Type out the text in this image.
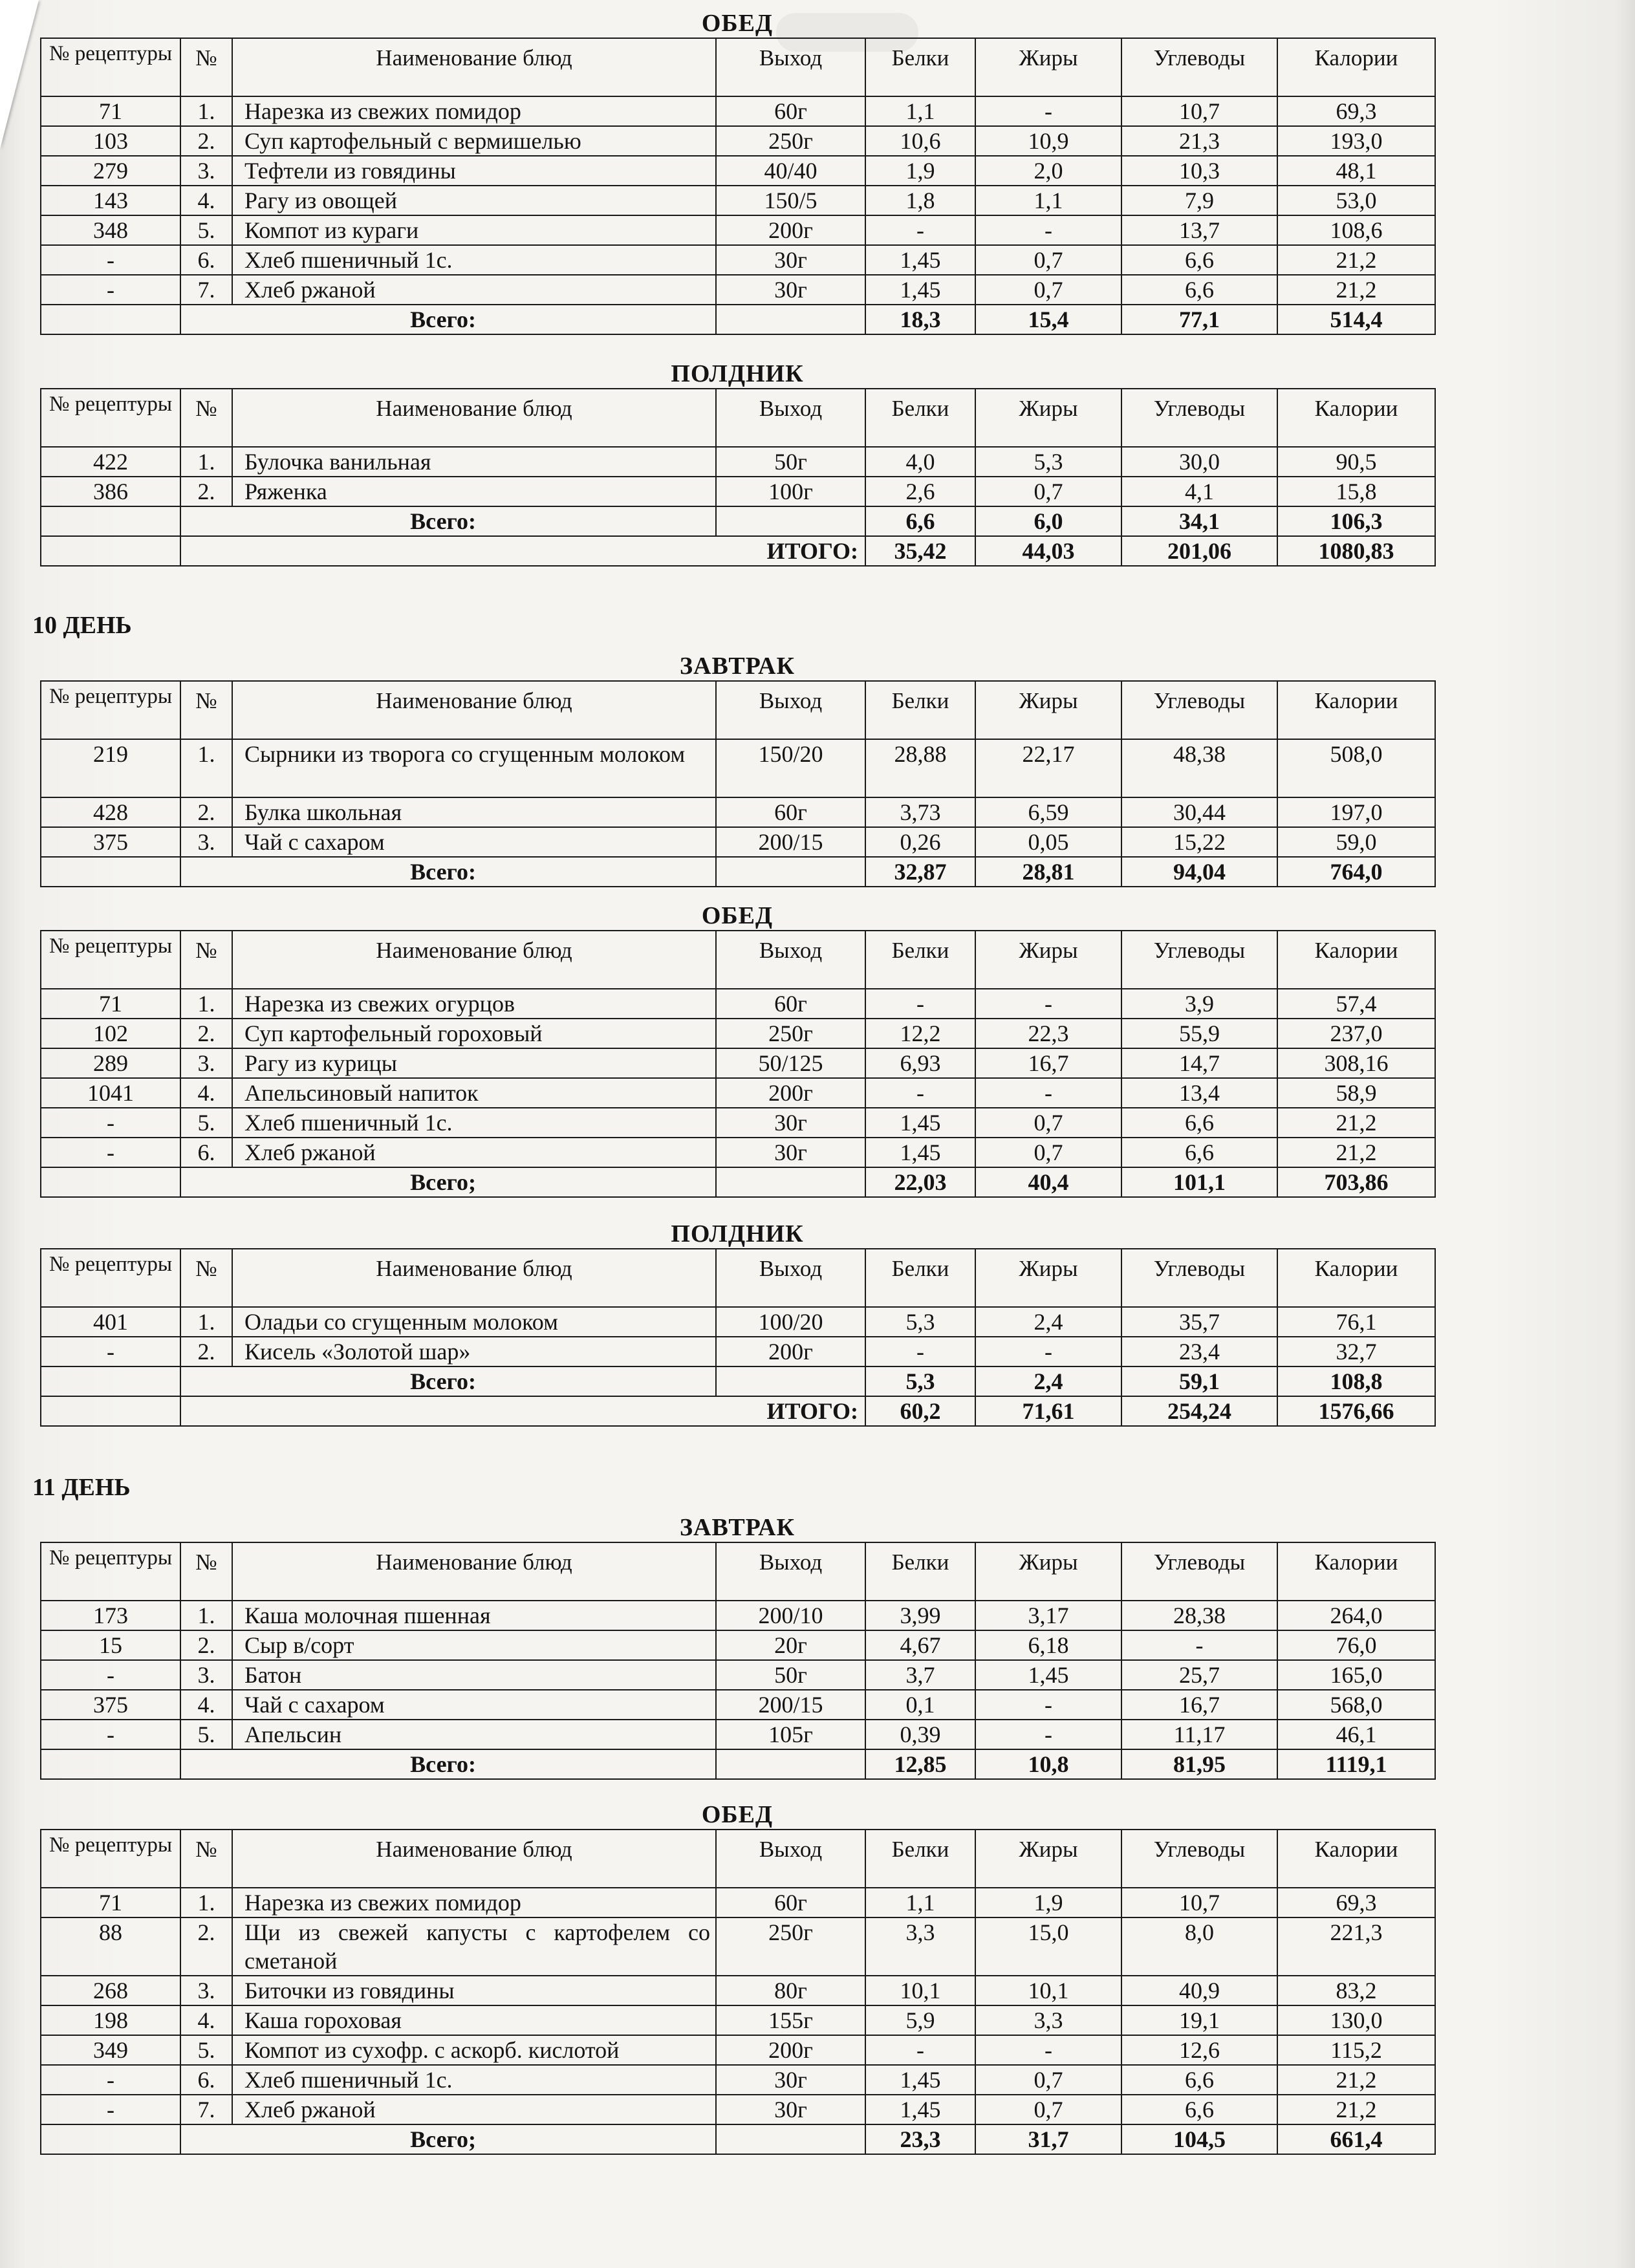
ОБЕД
№ рецептуры	№	Наименование блюд	Выход	Белки	Жиры	Углеводы	Калории
71	1.	Нарезка из свежих помидор	60г	1,1	-	10,7	69,3
103	2.	Суп картофельный с вермишелью	250г	10,6	10,9	21,3	193,0
279	3.	Тефтели из говядины	40/40	1,9	2,0	10,3	48,1
143	4.	Рагу из овощей	150/5	1,8	1,1	7,9	53,0
348	5.	Компот из кураги	200г	-	-	13,7	108,6
-	6.	Хлеб пшеничный 1с.	30г	1,45	0,7	6,6	21,2
-	7.	Хлеб ржаной	30г	1,45	0,7	6,6	21,2
	Всего:			18,3	15,4	77,1	514,4
ПОЛДНИК
№ рецептуры	№	Наименование блюд	Выход	Белки	Жиры	Углеводы	Калории
422	1.	Булочка ванильная	50г	4,0	5,3	30,0	90,5
386	2.	Ряженка	100г	2,6	0,7	4,1	15,8
	Всего:			6,6	6,0	34,1	106,3
	ИТОГО:			35,42	44,03	201,06	1080,83
10 ДЕНЬ
ЗАВТРАК
№ рецептуры	№	Наименование блюд	Выход	Белки	Жиры	Углеводы	Калории
219	1.	Сырники из творога со сгущенным молоком	150/20	28,88	22,17	48,38	508,0
428	2.	Булка школьная	60г	3,73	6,59	30,44	197,0
375	3.	Чай с сахаром	200/15	0,26	0,05	15,22	59,0
	Всего:			32,87	28,81	94,04	764,0
ОБЕД
№ рецептуры	№	Наименование блюд	Выход	Белки	Жиры	Углеводы	Калории
71	1.	Нарезка из свежих огурцов	60г	-	-	3,9	57,4
102	2.	Суп картофельный гороховый	250г	12,2	22,3	55,9	237,0
289	3.	Рагу из курицы	50/125	6,93	16,7	14,7	308,16
1041	4.	Апельсиновый напиток	200г	-	-	13,4	58,9
-	5.	Хлеб пшеничный 1с.	30г	1,45	0,7	6,6	21,2
-	6.	Хлеб ржаной	30г	1,45	0,7	6,6	21,2
	Всего;			22,03	40,4	101,1	703,86
ПОЛДНИК
№ рецептуры	№	Наименование блюд	Выход	Белки	Жиры	Углеводы	Калории
401	1.	Оладьи со сгущенным молоком	100/20	5,3	2,4	35,7	76,1
-	2.	Кисель «Золотой шар»	200г	-	-	23,4	32,7
	Всего:			5,3	2,4	59,1	108,8
	ИТОГО:			60,2	71,61	254,24	1576,66
11 ДЕНЬ
ЗАВТРАК
№ рецептуры	№	Наименование блюд	Выход	Белки	Жиры	Углеводы	Калории
173	1.	Каша молочная пшенная	200/10	3,99	3,17	28,38	264,0
15	2.	Сыр в/сорт	20г	4,67	6,18	-	76,0
-	3.	Батон	50г	3,7	1,45	25,7	165,0
375	4.	Чай с сахаром	200/15	0,1	-	16,7	568,0
-	5.	Апельсин	105г	0,39	-	11,17	46,1
	Всего:			12,85	10,8	81,95	1119,1
ОБЕД
№ рецептуры	№	Наименование блюд	Выход	Белки	Жиры	Углеводы	Калории
71	1.	Нарезка из свежих помидор	60г	1,1	1,9	10,7	69,3
88	2.	Щи из свежей капусты с картофелем со сметаной	250г	3,3	15,0	8,0	221,3
268	3.	Биточки из говядины	80г	10,1	10,1	40,9	83,2
198	4.	Каша гороховая	155г	5,9	3,3	19,1	130,0
349	5.	Компот из сухофр. с аскорб. кислотой	200г	-	-	12,6	115,2
-	6.	Хлеб пшеничный 1с.	30г	1,45	0,7	6,6	21,2
-	7.	Хлеб ржаной	30г	1,45	0,7	6,6	21,2
	Всего;			23,3	31,7	104,5	661,4
